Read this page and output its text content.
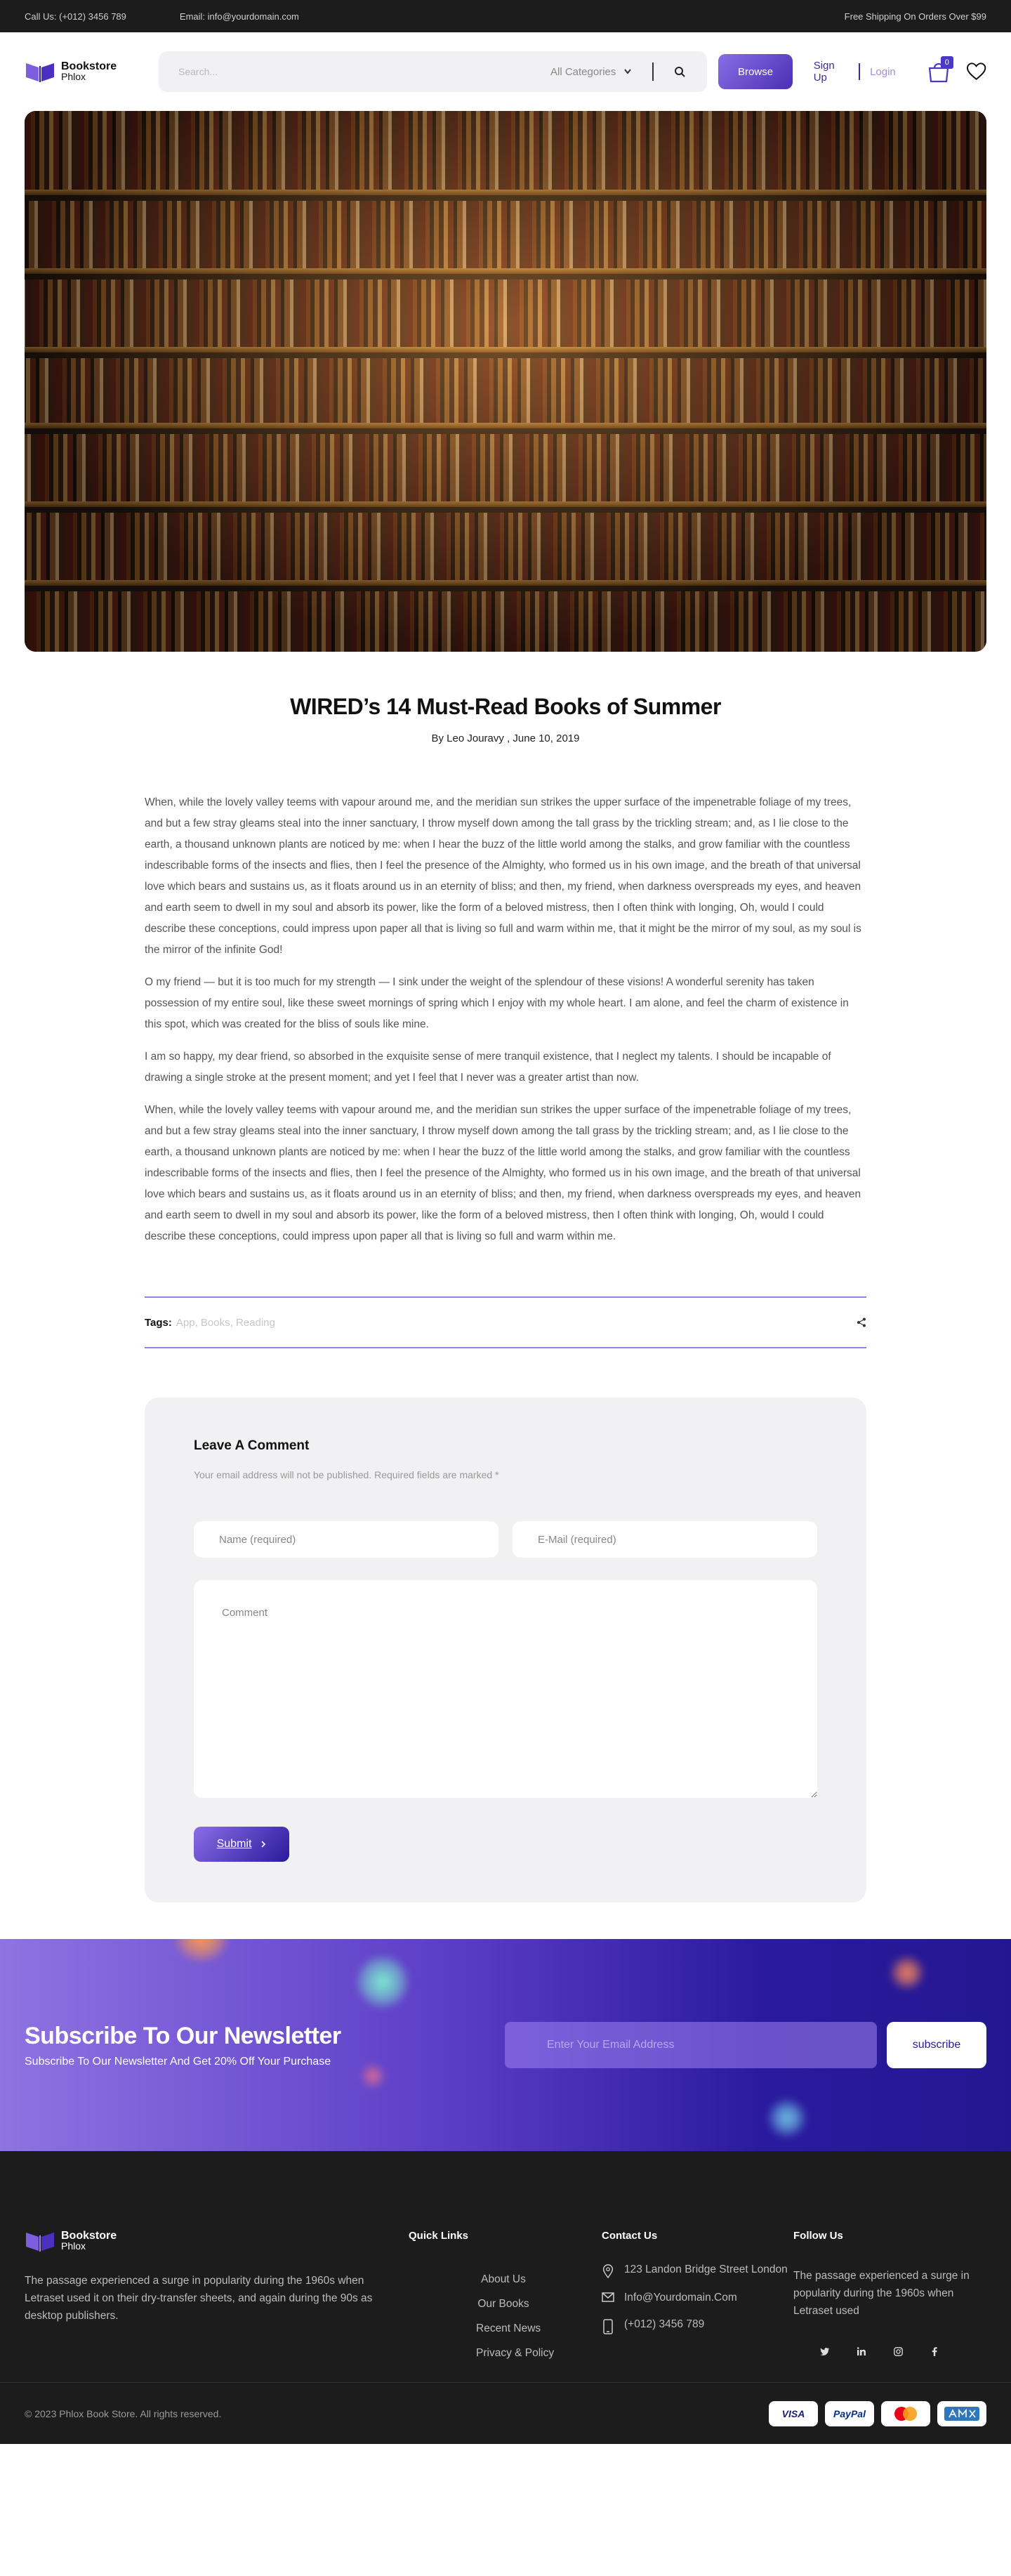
Call Us: (+012) 3456 789	Email: info@yourdomain.com	Free Shipping On Orders Over $99
Bookstore
Phlox
Search...	All Categories	Browse	Sign Up	Login
0
WIRED’s 14 Must-Read Books of Summer
By Leo Jouravy , June 10, 2019

When, while the lovely valley teems with vapour around me, and the meridian sun strikes the upper surface of the impenetrable foliage of my trees, and but a few stray gleams steal into the inner sanctuary, I throw myself down among the tall grass by the trickling stream; and, as I lie close to the earth, a thousand unknown plants are noticed by me: when I hear the buzz of the little world among the stalks, and grow familiar with the countless indescribable forms of the insects and flies, then I feel the presence of the Almighty, who formed us in his own image, and the breath of that universal love which bears and sustains us, as it floats around us in an eternity of bliss; and then, my friend, when darkness overspreads my eyes, and heaven and earth seem to dwell in my soul and absorb its power, like the form of a beloved mistress, then I often think with longing, Oh, would I could describe these conceptions, could impress upon paper all that is living so full and warm within me, that it might be the mirror of my soul, as my soul is the mirror of the infinite God!

O my friend — but it is too much for my strength — I sink under the weight of the splendour of these visions! A wonderful serenity has taken possession of my entire soul, like these sweet mornings of spring which I enjoy with my whole heart. I am alone, and feel the charm of existence in this spot, which was created for the bliss of souls like mine.

I am so happy, my dear friend, so absorbed in the exquisite sense of mere tranquil existence, that I neglect my talents. I should be incapable of drawing a single stroke at the present moment; and yet I feel that I never was a greater artist than now.

When, while the lovely valley teems with vapour around me, and the meridian sun strikes the upper surface of the impenetrable foliage of my trees, and but a few stray gleams steal into the inner sanctuary, I throw myself down among the tall grass by the trickling stream; and, as I lie close to the earth, a thousand unknown plants are noticed by me: when I hear the buzz of the little world among the stalks, and grow familiar with the countless indescribable forms of the insects and flies, then I feel the presence of the Almighty, who formed us in his own image, and the breath of that universal love which bears and sustains us, as it floats around us in an eternity of bliss; and then, my friend, when darkness overspreads my eyes, and heaven and earth seem to dwell in my soul and absorb its power, like the form of a beloved mistress, then I often think with longing, Oh, would I could describe these conceptions, could impress upon paper all that is living so full and warm within me.

Tags: App, Books, Reading
Leave A Comment
Your email address will not be published. Required fields are marked *
Name (required)
E-Mail (required)
Comment
Submit
Subscribe To Our Newsletter
Subscribe To Our Newsletter And Get 20% Off Your Purchase
Enter Your Email Address
subscribe
Bookstore
Phlox
The passage experienced a surge in popularity during the 1960s when Letraset used it on their dry-transfer sheets, and again during the 90s as desktop publishers.
Quick Links
About Us
Our Books
Recent News
Privacy & Policy
Contact Us
123 Landon Bridge Street London
Info@Yourdomain.Com
(+012) 3456 789
Follow Us
The passage experienced a surge in popularity during the 1960s when Letraset used
© 2023 Phlox Book Store. All rights reserved.	VISA	PayPal
